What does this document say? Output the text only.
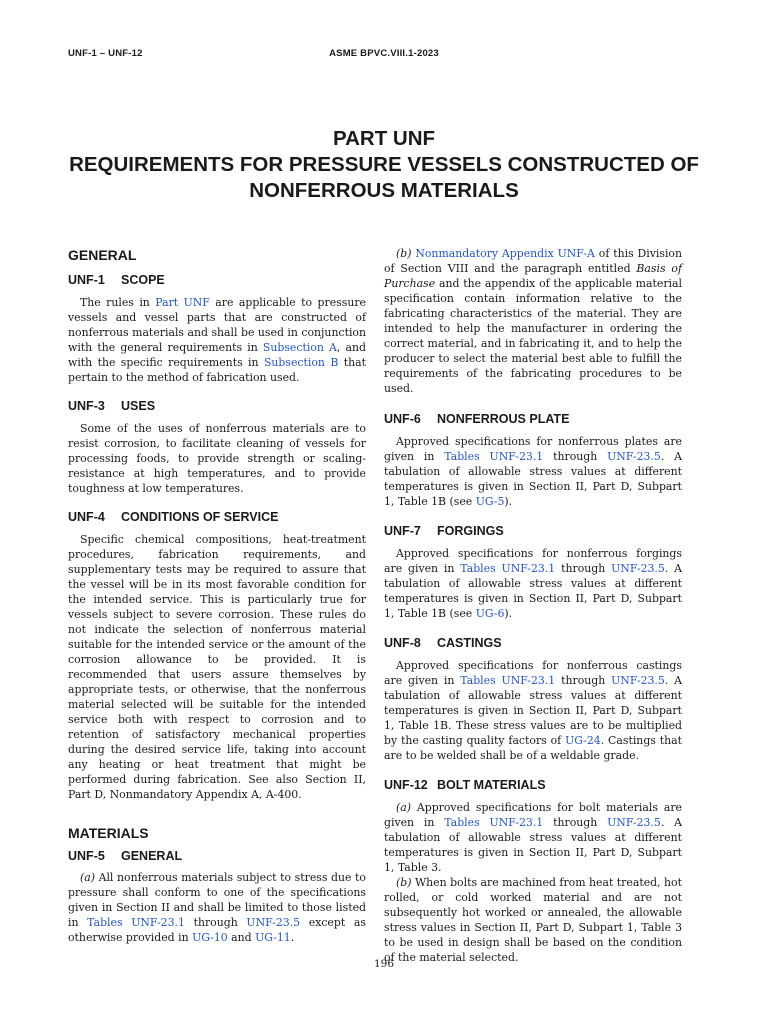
UNF-1 – UNF-12	ASME BPVC.VIII.1-2023
PART UNF
REQUIREMENTS FOR PRESSURE VESSELS CONSTRUCTED OF
NONFERROUS MATERIALS
GENERAL
UNF-1 SCOPE

The rules in Part UNF are applicable to pressure vessels and vessel parts that are constructed of nonferrous materials and shall be used in conjunction with the general requirements in Subsection A, and with the specific requirements in Subsection B that pertain to the method of fabrication used.

UNF-3 USES

Some of the uses of nonferrous materials are to resist corrosion, to facilitate cleaning of vessels for processing foods, to provide strength or scaling-resistance at high temperatures, and to provide toughness at low temperatures.

UNF-4 CONDITIONS OF SERVICE

Specific chemical compositions, heat-treatment procedures, fabrication requirements, and supplementary tests may be required to assure that the vessel will be in its most favorable condition for the intended service. This is particularly true for vessels subject to severe corrosion. These rules do not indicate the selection of nonferrous material suitable for the intended service or the amount of the corrosion allowance to be provided. It is recommended that users assure themselves by appropriate tests, or otherwise, that the nonferrous material selected will be suitable for the intended service both with respect to corrosion and to retention of satisfactory mechanical properties during the desired service life, taking into account any heating or heat treatment that might be performed during fabrication. See also Section II, Part D, Nonmandatory Appendix A, A-400.

MATERIALS
UNF-5 GENERAL

(a) All nonferrous materials subject to stress due to pressure shall conform to one of the specifications given in Section II and shall be limited to those listed in Tables UNF-23.1 through UNF-23.5 except as otherwise provided in UG-10 and UG-11.

(b) Nonmandatory Appendix UNF-A of this Division of Section VIII and the paragraph entitled Basis of Purchase and the appendix of the applicable material specification contain information relative to the fabricating characteristics of the material. They are intended to help the manufacturer in ordering the correct material, and in fabricating it, and to help the producer to select the material best able to fulfill the requirements of the fabricating procedures to be used.

UNF-6 NONFERROUS PLATE

Approved specifications for nonferrous plates are given in Tables UNF-23.1 through UNF-23.5. A tabulation of allowable stress values at different temperatures is given in Section II, Part D, Subpart 1, Table 1B (see UG-5).

UNF-7 FORGINGS

Approved specifications for nonferrous forgings are given in Tables UNF-23.1 through UNF-23.5. A tabulation of allowable stress values at different temperatures is given in Section II, Part D, Subpart 1, Table 1B (see UG-6).

UNF-8 CASTINGS

Approved specifications for nonferrous castings are given in Tables UNF-23.1 through UNF-23.5. A tabulation of allowable stress values at different temperatures is given in Section II, Part D, Subpart 1, Table 1B. These stress values are to be multiplied by the casting quality factors of UG-24. Castings that are to be welded shall be of a weldable grade.

UNF-12 BOLT MATERIALS

(a) Approved specifications for bolt materials are given in Tables UNF-23.1 through UNF-23.5. A tabulation of allowable stress values at different temperatures is given in Section II, Part D, Subpart 1, Table 3.

(b) When bolts are machined from heat treated, hot rolled, or cold worked material and are not subsequently hot worked or annealed, the allowable stress values in Section II, Part D, Subpart 1, Table 3 to be used in design shall be based on the condition of the material selected.

196
